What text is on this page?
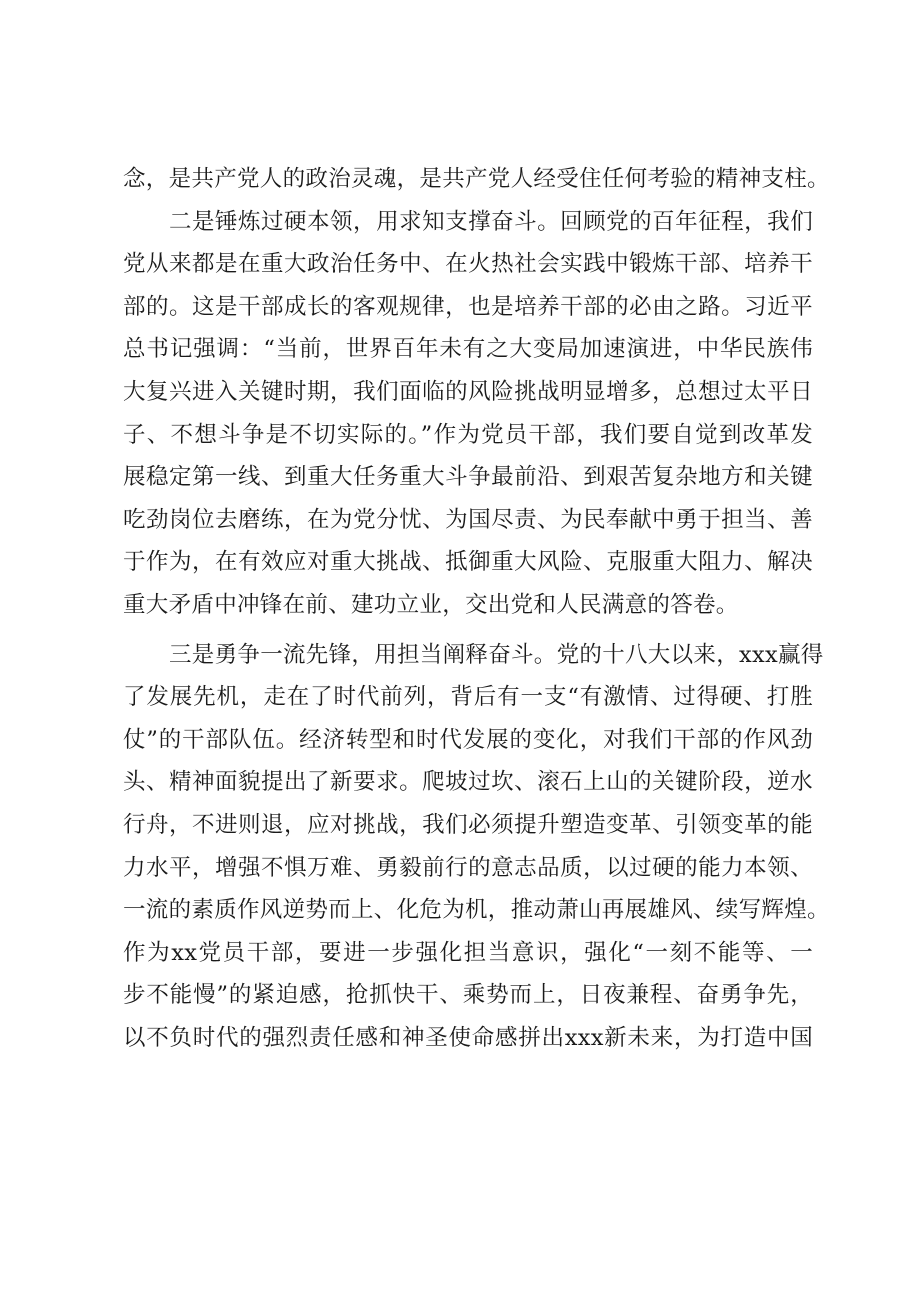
念，是共产党人的政治灵魂，是共产党人经受住任何考验的精神支柱。
二是锤炼过硬本领，用求知支撑奋斗。回顾党的百年征程，我们
党从来都是在重大政治任务中、在火热社会实践中锻炼干部、培养干
部的。这是干部成长的客观规律，也是培养干部的必由之路。习近平
总书记强调：“当前，世界百年未有之大变局加速演进，中华民族伟
大复兴进入关键时期，我们面临的风险挑战明显增多，总想过太平日
子、不想斗争是不切实际的。”作为党员干部，我们要自觉到改革发
展稳定第一线、到重大任务重大斗争最前沿、到艰苦复杂地方和关键
吃劲岗位去磨练，在为党分忧、为国尽责、为民奉献中勇于担当、善
于作为，在有效应对重大挑战、抵御重大风险、克服重大阻力、解决
重大矛盾中冲锋在前、建功立业，交出党和人民满意的答卷。
三是勇争一流先锋，用担当阐释奋斗。党的十八大以来，xxx赢得
了发展先机，走在了时代前列，背后有一支“有激情、过得硬、打胜
仗”的干部队伍。经济转型和时代发展的变化，对我们干部的作风劲
头、精神面貌提出了新要求。爬坡过坎、滚石上山的关键阶段，逆水
行舟，不进则退，应对挑战，我们必须提升塑造变革、引领变革的能
力水平，增强不惧万难、勇毅前行的意志品质，以过硬的能力本领、
一流的素质作风逆势而上、化危为机，推动萧山再展雄风、续写辉煌。
作为xx党员干部，要进一步强化担当意识，强化“一刻不能等、一
步不能慢”的紧迫感，抢抓快干、乘势而上，日夜兼程、奋勇争先，
以不负时代的强烈责任感和神圣使命感拼出xxx新未来，为打造中国
